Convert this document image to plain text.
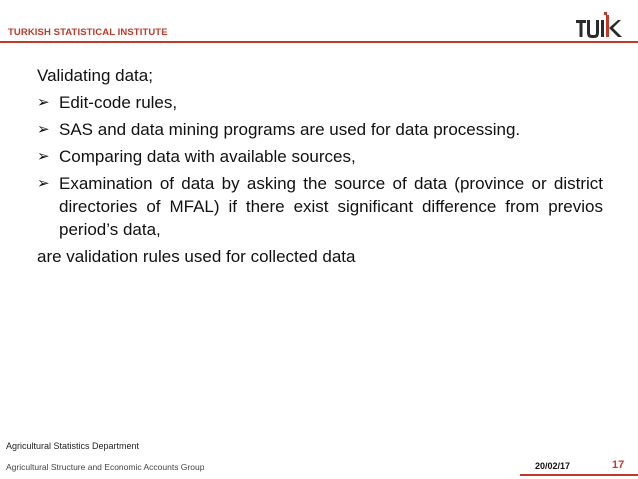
TURKISH STATISTICAL INSTITUTE

Validating data;

➢ Edit-code rules,
➢ SAS and data mining programs are used for data processing.
➢ Comparing data with available sources,
➢ Examination of data by asking the source of data (province or district directories of MFAL) if there exist significant difference from previos period’s data,

are validation rules used for collected data

Agricultural Statistics Department
Agricultural Structure and Economic Accounts Group	20/02/17	17
